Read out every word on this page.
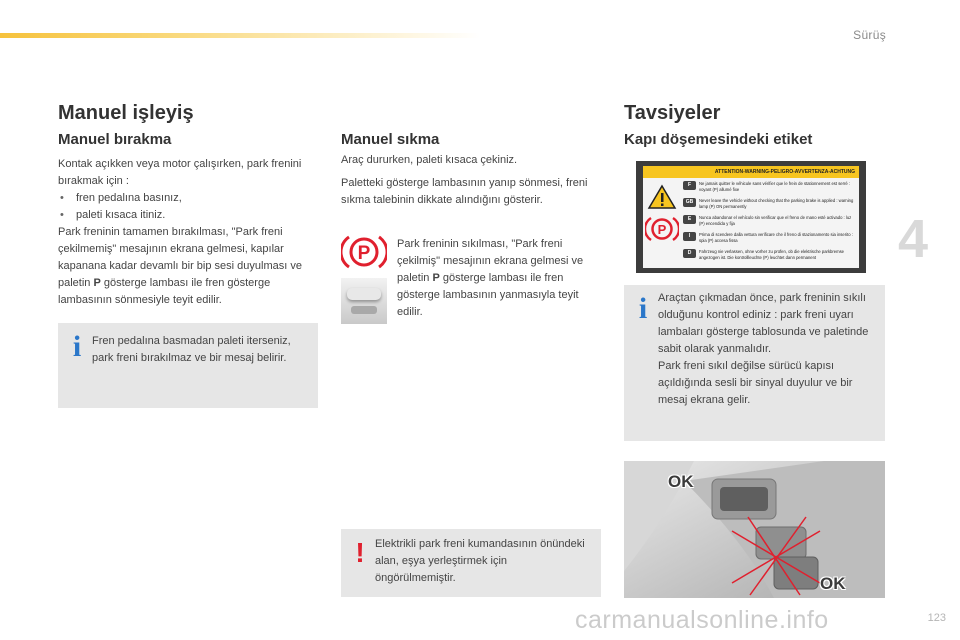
Sürüş
4
123
Manuel işleyiş
Manuel bırakma
Kontak açıkken veya motor çalışırken, park frenini bırakmak için :
• fren pedalına basınız,
• paleti kısaca itiniz.
Park freninin tamamen bırakılması, "Park freni çekilmemiş" mesajının ekrana gelmesi, kapılar kapanana kadar devamlı bir bip sesi duyulması ve paletin P gösterge lambası ile fren gösterge lambasının sönmesiyle teyit edilir.
i Fren pedalına basmadan paleti iterseniz, park freni bırakılmaz ve bir mesaj belirir.
Manuel sıkma

Araç dururken, paleti kısaca çekiniz.

Paletteki gösterge lambasının yanıp sönmesi, freni sıkma talebinin dikkate alındığını gösterir.

P Park freninin sıkılması, "Park freni çekilmiş" mesajının ekrana gelmesi ve paletin P gösterge lambası ile fren gösterge lambasının yanmasıyla teyit edilir.
! Elektrikli park freni kumandasının önündeki alan, eşya yerleştirmek için öngörülmemiştir.
Tavsiyeler
Kapı döşemesindeki etiket
ATTENTION-WARNING-PELIGRO-AVVERTENZA-ACHTUNG
P
F	Ne jamais quitter le véhicule sans vérifier que le frein de stationnement est serré : voyant (P) allumé fixe
GB	Never leave the vehicle without checking that the parking brake is applied : warning lamp (P) ON permanently
E	Nunca abandonar el vehículo sin verificar que el freno de mano esté activado : luz (P) encendida y fija
I	Prima di scendere dalla vettura verificare che il freno di stazionamento sia inserito : spia (P) accesa fissa
D	Fahrzeug nie verlassen, ohne vorher zu prüfen, ob die elektrische parkbremse angezogen ist. Die kontrollleuchte (P) leuchtet dann permanent
i Araçtan çıkmadan önce, park freninin sıkılı olduğunu kontrol ediniz : park freni uyarı lambaları gösterge tablosunda ve paletinde sabit olarak yanmalıdır.
Park freni sıkıl değilse sürücü kapısı açıldığında sesli bir sinyal duyulur ve bir mesaj ekrana gelir.
OK
OK
carmanualsonline.info
